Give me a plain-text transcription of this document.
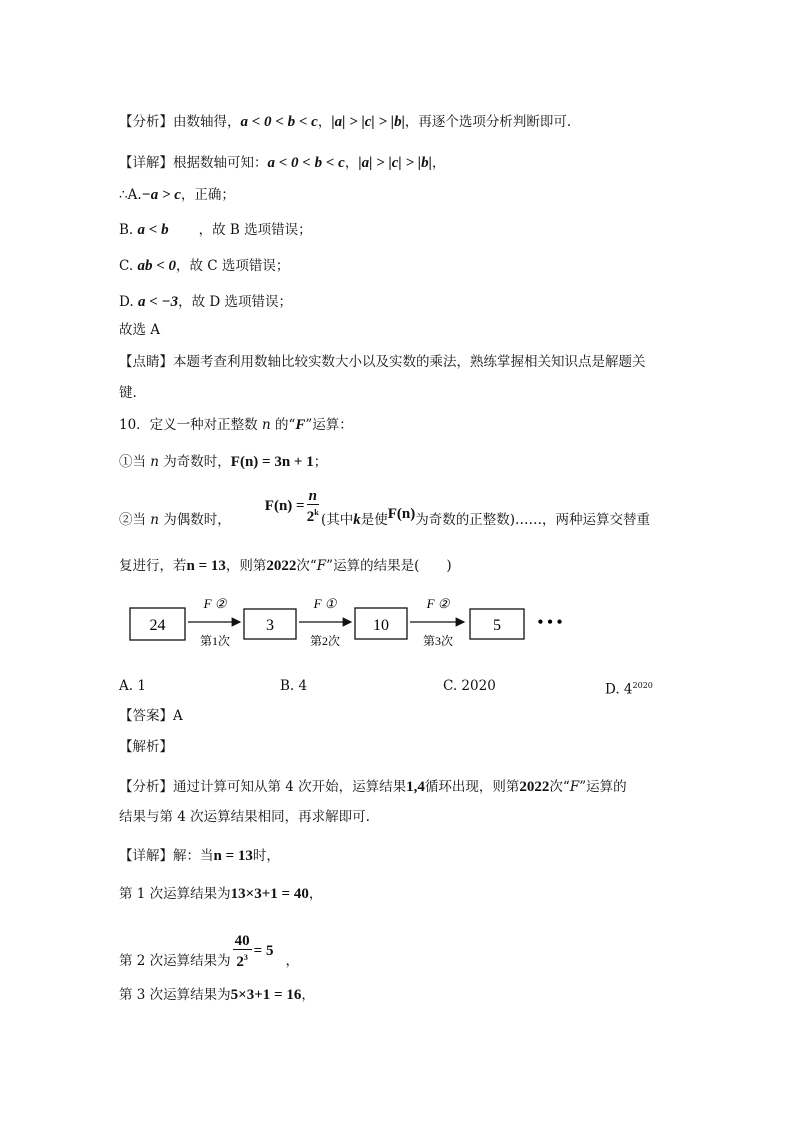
【分析】由数轴得，a < 0 < b < c，|a| > |c| > |b|，再逐个选项分析判断即可.
【详解】根据数轴可知：a < 0 < b < c，|a| > |c| > |b|，
∴A.−a > c，正确；
B. a < b ，故 B 选项错误；
C. ab < 0，故 C 选项错误；
D. a < −3，故 D 选项错误；
故选 A
【点睛】本题考查利用数轴比较实数大小以及实数的乘法，熟练掌握相关知识点是解题关
键.
10．定义一种对正整数 n 的“F”运算：
①当 n 为奇数时，F(n) = 3n + 1；
②当 n 为偶数时，$F(n) = \frac{n}{2^k}$ (其中k是使F(n)为奇数的正整数)……，两种运算交替重
复进行，若n = 13，则第2022次“F”运算的结果是(　　)
24
F ②
第1次
3
F ①
第2次
10
F ②
第3次
5 • • •
A. 1	B. 4	C. 2020	D. $4^{2020}$
【答案】A
【解析】
【分析】通过计算可知从第 4 次开始，运算结果1,4循环出现，则第2022次“F”运算的
结果与第 4 次运算结果相同，再求解即可.
【详解】解：当n = 13时，
第 1 次运算结果为13×3+1 = 40，
第 2 次运算结果为 $\frac{40}{2^3} = 5$，
第 3 次运算结果为5×3+1 = 16，
